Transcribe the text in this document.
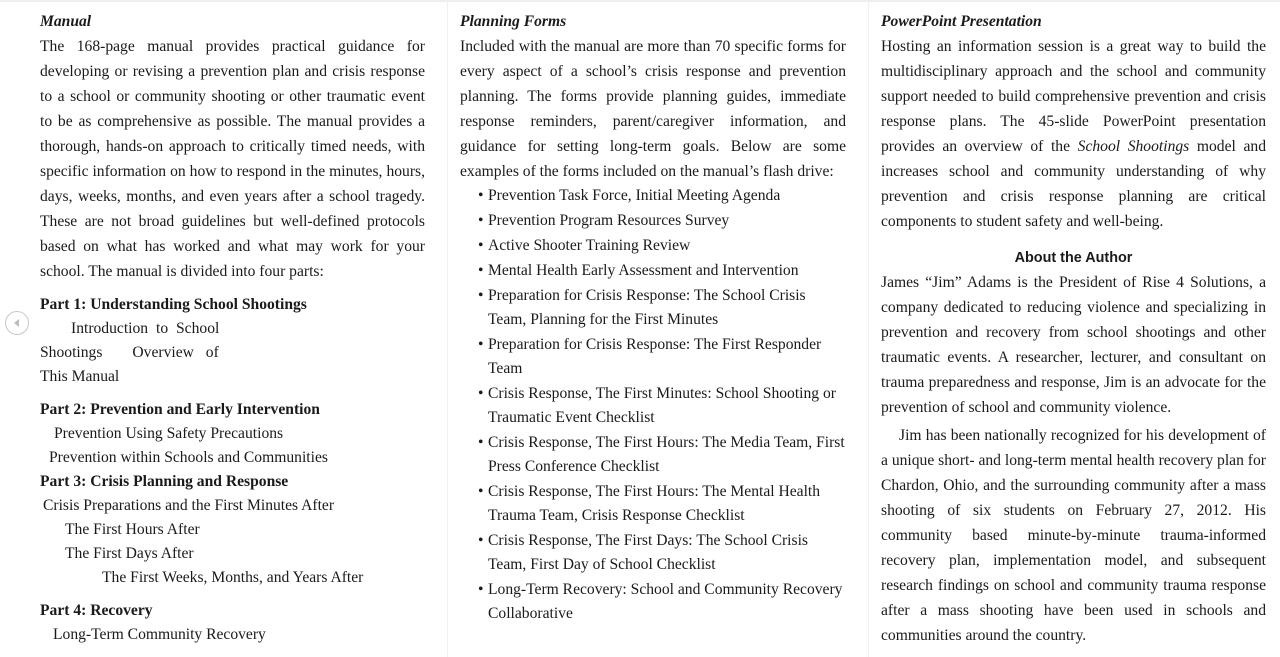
Manual

The 168-page manual provides practical guidance for developing or revising a prevention plan and crisis response to a school or community shooting or other traumatic event to be as comprehensive as possible. The manual provides a thorough, hands-on approach to critically timed needs, with specific information on how to respond in the minutes, hours, days, weeks, months, and even years after a school tragedy. These are not broad guidelines but well-defined protocols based on what has worked and what may work for your school. The manual is divided into four parts:

Part 1: Understanding School Shootings
Introduction to School
Shootings Overview of
This Manual
Part 2: Prevention and Early Intervention
Prevention Using Safety Precautions
Prevention within Schools and Communities
Part 3: Crisis Planning and Response
Crisis Preparations and the First Minutes After
The First Hours After
The First Days After
The First Weeks, Months, and Years After
Part 4: Recovery
Long-Term Community Recovery
Planning Forms

Included with the manual are more than 70 specific forms for every aspect of a school’s crisis response and prevention planning. The forms provide planning guides, immediate response reminders, parent/caregiver information, and guidance for setting long-term goals. Below are some examples of the forms included on the manual’s flash drive:

• Prevention Task Force, Initial Meeting Agenda
• Prevention Program Resources Survey
• Active Shooter Training Review
• Mental Health Early Assessment and Intervention
• Preparation for Crisis Response: The School Crisis Team, Planning for the First Minutes
• Preparation for Crisis Response: The First Responder Team
• Crisis Response, The First Minutes: School Shooting or Traumatic Event Checklist
• Crisis Response, The First Hours: The Media Team, First Press Conference Checklist
• Crisis Response, The First Hours: The Mental Health Trauma Team, Crisis Response Checklist
• Crisis Response, The First Days: The School Crisis Team, First Day of School Checklist
• Long-Term Recovery: School and Community Recovery Collaborative
PowerPoint Presentation

Hosting an information session is a great way to build the multidisciplinary approach and the school and community support needed to build comprehensive prevention and crisis response plans. The 45-slide PowerPoint presentation provides an overview of the School Shootings model and increases school and community understanding of why prevention and crisis response planning are critical components to student safety and well-being.

About the Author

James “Jim” Adams is the President of Rise 4 Solutions, a company dedicated to reducing violence and specializing in prevention and recovery from school shootings and other traumatic events. A researcher, lecturer, and consultant on trauma preparedness and response, Jim is an advocate for the prevention of school and community violence.

Jim has been nationally recognized for his development of a unique short- and long-term mental health recovery plan for Chardon, Ohio, and the surrounding community after a mass shooting of six students on February 27, 2012. His community based minute-by-minute trauma-informed recovery plan, implementation model, and subsequent research findings on school and community trauma response after a mass shooting have been used in schools and communities around the country.
